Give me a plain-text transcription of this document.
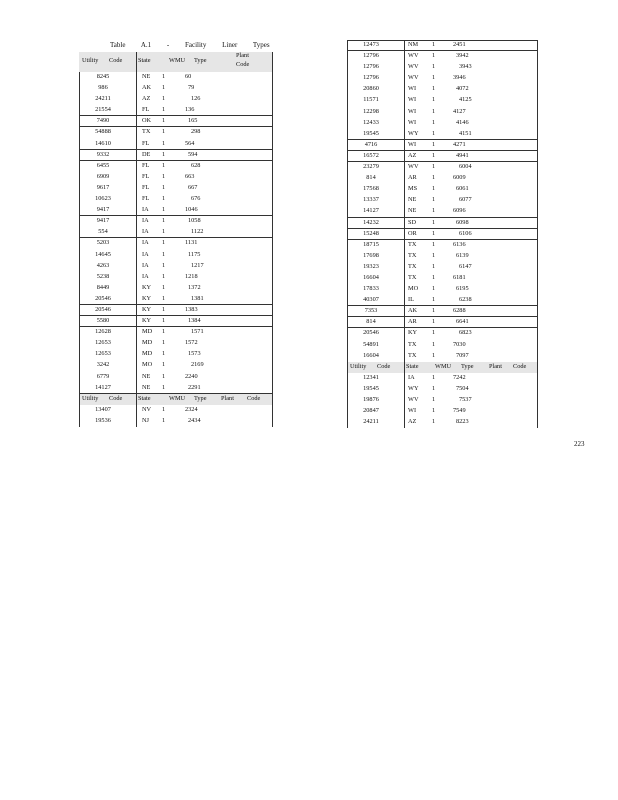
Table A.1 - Facility Liner Types
Utility Code State	WMU Type
Plant
Code
8245	NE 1	60
986	AK 1	79
24211	AZ 1	126
21554	FL 1	136
7490	OK 1	165
54888	TX 1	298
14610	FL 1	564
9332	DE 1	594
6455	FL 1	628
6909	FL 1	663
9617	FL 1	667
10623	FL 1	676
9417	IA 1	1046
9417	IA 1	1058
554	IA 1	1122
5203	IA 1	1131
14645	IA 1	1175
4263	IA 1	1217
5238	IA 1	1218
8449	KY 1	1372
20546	KY 1	1381
20546	KY 1	1383
5580	KY 1	1384
12628	MD 1	1571
12653	MD 1	1572
12653	MD 1	1573
3242	MO 1	2169
6779	NE 1	2240
14127	NE 1	2291
Utility Code State	WMU Type Plant Code
13407	NV 1	2324
19536	NJ 1	2434
12473	NM 1	2451
12796	WV 1	3942
12796	WV 1	3943
12796	WV 1	3946
20860	WI	1	4072
11571	WI	1	4125
12298	WI	1	4127
12433	WI	1	4146
19545	WY 1	4151
4716	WI	1	4271
16572	AZ 1	4941
23279	WV 1	6004
814	AR 1	6009
17568	MS 1	6061
13337	NE 1	6077
14127	NE 1	6096
14232	SD	1	6098
15248	OR 1	6106
18715	TX 1	6136
17698	TX 1	6139
19323	TX 1	6147
16604	TX 1	6181
17833	MO 1	6195
40307	IL	1	6238
7353	AK 1	6288
814	AR 1	6641
20546	KY 1	6823
54891	TX 1	7030
16604	TX 1	7097
Utility Code State	WMU Type Plant Code
12341	IA	1	7242
19545	WY 1	7504
19876	WV 1	7537
20847	WI	1	7549
24211	AZ 1	8223
223
